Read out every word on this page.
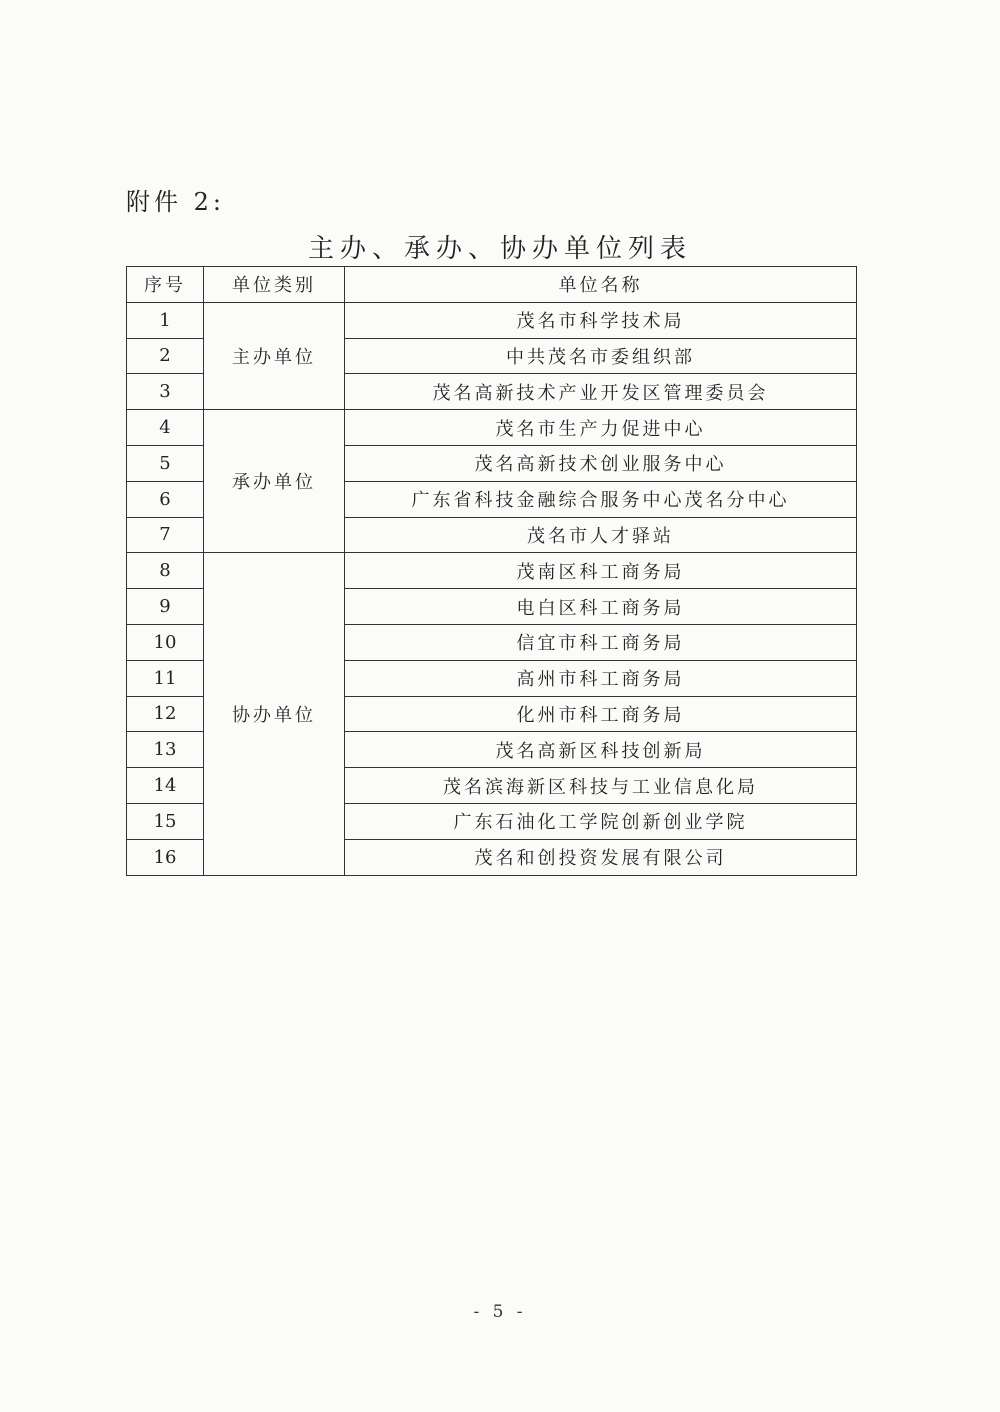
附件 2:
主办、承办、协办单位列表
序号	单位类别	单位名称
1	主办单位	茂名市科学技术局
2		中共茂名市委组织部
3		茂名高新技术产业开发区管理委员会
4	承办单位	茂名市生产力促进中心
5		茂名高新技术创业服务中心
6		广东省科技金融综合服务中心茂名分中心
7		茂名市人才驿站
8	协办单位	茂南区科工商务局
9		电白区科工商务局
10		信宜市科工商务局
11		高州市科工商务局
12		化州市科工商务局
13		茂名高新区科技创新局
14		茂名滨海新区科技与工业信息化局
15		广东石油化工学院创新创业学院
16		茂名和创投资发展有限公司
- 5 -
